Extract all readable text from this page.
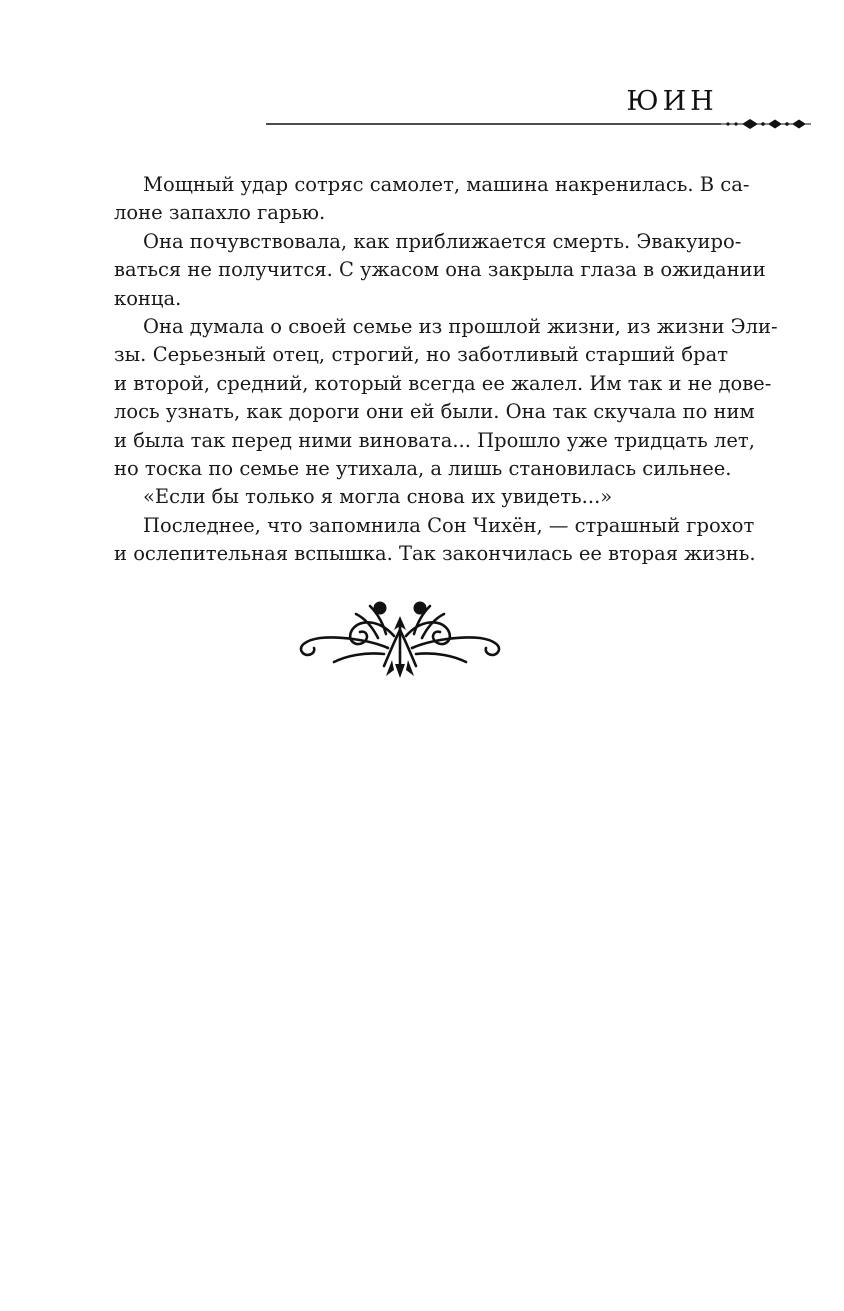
ЮИН

Мощный удар сотряс самолет, машина накренилась. В са-
лоне запахло гарью.

Она почувствовала, как приближается смерть. Эвакуиро-
ваться не получится. С ужасом она закрыла глаза в ожидании
конца.

Она думала о своей семье из прошлой жизни, из жизни Эли-
зы. Серьезный отец, строгий, но заботливый старший брат
и второй, средний, который всегда ее жалел. Им так и не дове-
лось узнать, как дороги они ей были. Она так скучала по ним
и была так перед ними виновата... Прошло уже тридцать лет,
но тоска по семье не утихала, а лишь становилась сильнее.

«Если бы только я могла снова их увидеть...»

Последнее, что запомнила Сон Чихён, — страшный грохот
и ослепительная вспышка. Так закончилась ее вторая жизнь.
